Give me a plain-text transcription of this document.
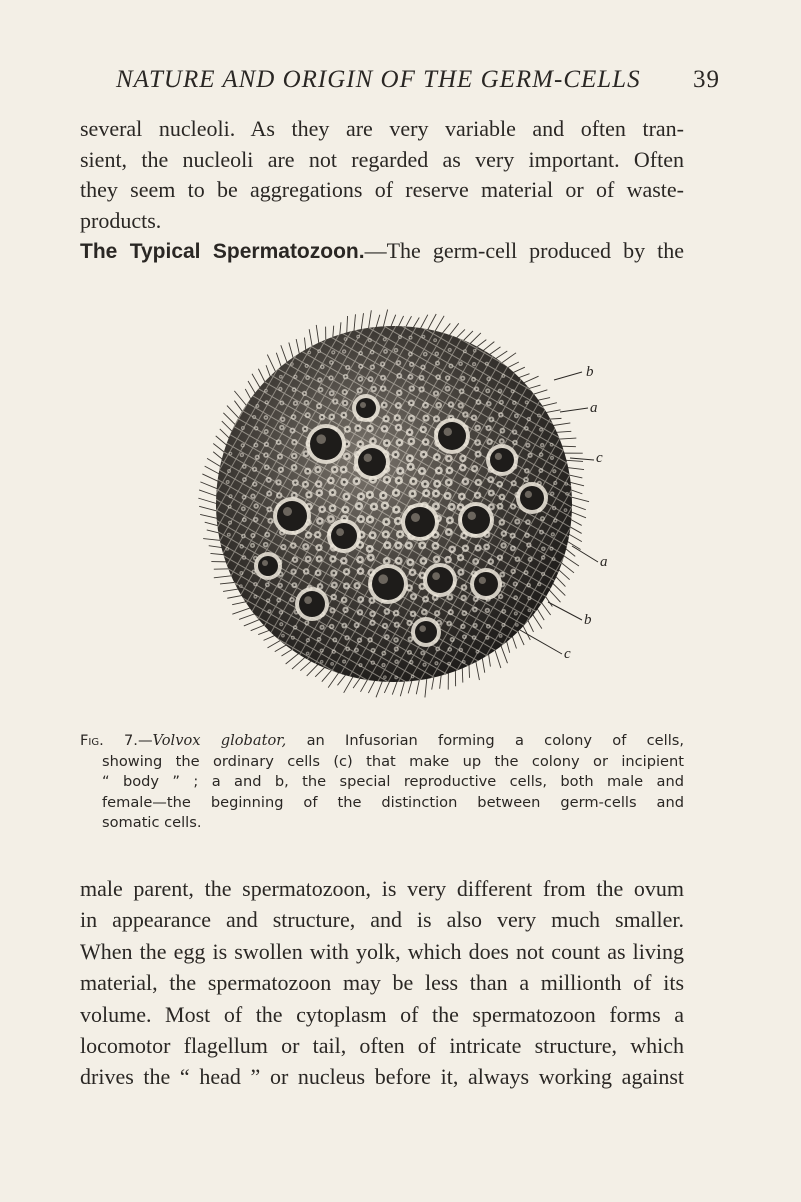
NATURE AND ORIGIN OF THE GERM-CELLS 39
several nucleoli. As they are very variable and often tran-
sient, the nucleoli are not regarded as very important. Often
they seem to be aggregations of reserve material or of waste-
products.
The Typical Spermatozoon.—The germ-cell produced by the
b
a
c
a
b
c
Fig. 7.—Volvox globator, an Infusorian forming a colony of cells,
showing the ordinary cells (c) that make up the colony or incipient
“ body ” ; a and b, the special reproductive cells, both male and
female—the beginning of the distinction between germ-cells and
somatic cells.
male parent, the spermatozoon, is very different from the ovum
in appearance and structure, and is also very much smaller.
When the egg is swollen with yolk, which does not count as living
material, the spermatozoon may be less than a millionth of its
volume. Most of the cytoplasm of the spermatozoon forms a
locomotor flagellum or tail, often of intricate structure, which
drives the “ head ” or nucleus before it, always working against
